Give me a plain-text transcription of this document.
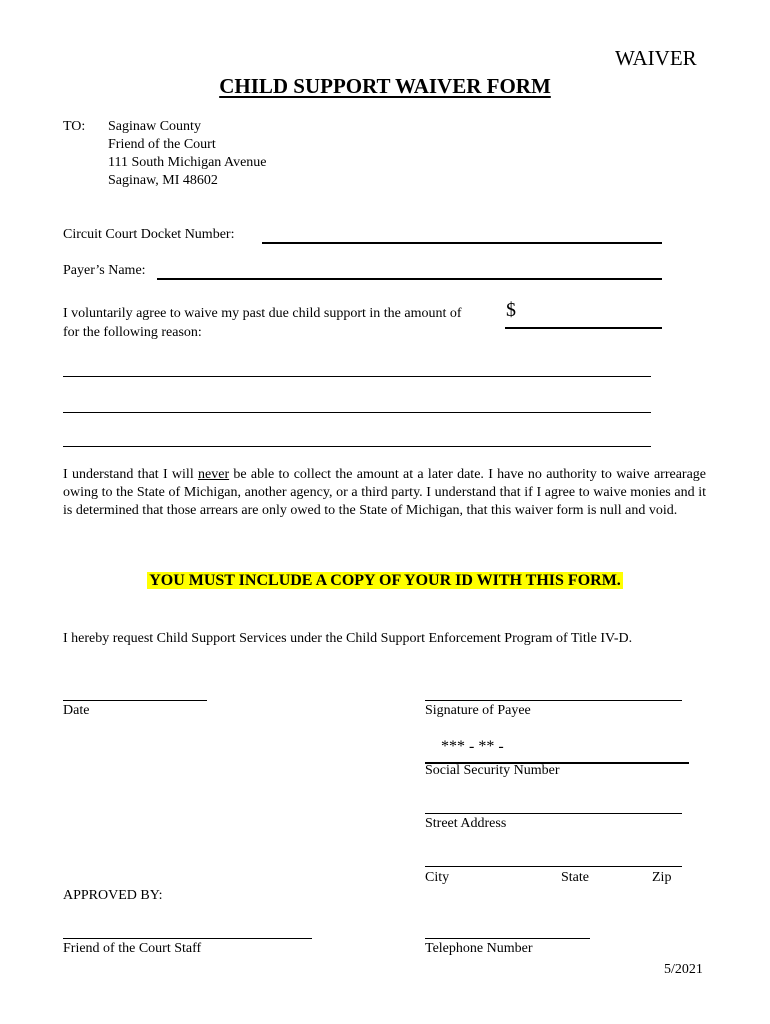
WAIVER
CHILD SUPPORT WAIVER FORM
TO: Saginaw County
Friend of the Court
111 South Michigan Avenue
Saginaw, MI 48602
Circuit Court Docket Number:
Payer’s Name:
I voluntarily agree to waive my past due child support in the amount of $
for the following reason:
I understand that I will never be able to collect the amount at a later date. I have no authority to waive arrearage owing to the State of Michigan, another agency, or a third party. I understand that if I agree to waive monies and it is determined that those arrears are only owed to the State of Michigan, that this waiver form is null and void.
YOU MUST INCLUDE A COPY OF YOUR ID WITH THIS FORM.
I hereby request Child Support Services under the Child Support Enforcement Program of Title IV-D.
Date	Signature of Payee
*** - ** -
Social Security Number
Street Address
City	State	Zip
APPROVED BY:
Friend of the Court Staff	Telephone Number
5/2021
